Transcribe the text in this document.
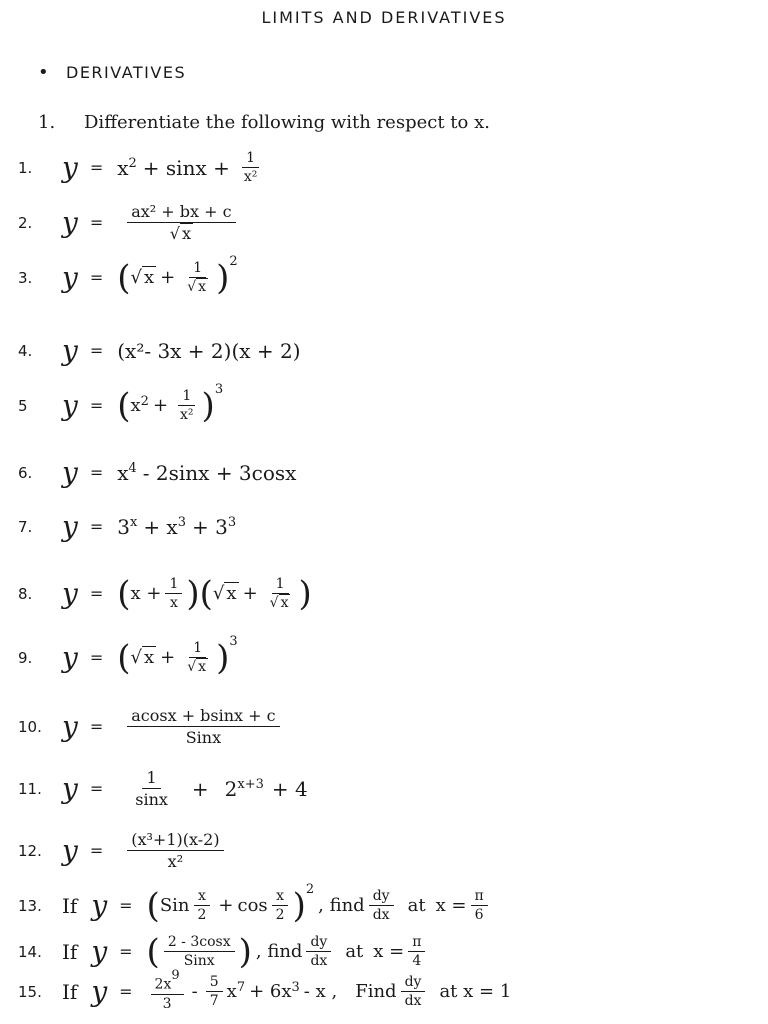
LIMITS AND DERIVATIVES
• DERIVATIVES
1. Differentiate the following with respect to x.
1.	$y = x^2 + \sin x + \frac{1}{\text{x²}}$
2.	$y = \frac{\text{ax² + bx + c}}{√ x}$
3.	y = ( √ $x + \frac{1}{√ x} )^2$
4.	y = (x²- 3x + 2)(x + 2)
5	y = ( $x^2 + \frac{1}{\text{x²}} )^3$
6.	$y = x^4 - 2\sin x + 3\cos x$
7.	$y = 3^x + x^3 + 3^3$
8.	y = ( $x + \frac{1}{x}$ ) ( √ $x + \frac{1}{√ x}$ )
9.	y = ( √ $x + \frac{1}{√ x} )^3$
10. $y = \frac{acosx + bsinx + c}{\text{Sinx}}$
11. $y = \frac{1}{\sin x} + 2^{x+3} + 4$
12. $y = \frac{\text{(x³+1)(x-2)}}{\text{x²}}$
13.	If y = ( Sin $\frac{x}{2} + \cos \frac{x}{2} )^2$
, find $\frac{dy}{dx}$ at $x = \frac{\pi}{6}$
14.	If y = ( $\frac{2 - 3\cos x}{\text{Sinx}}$ ) , find $\frac{dy}{dx}$ at $x = \frac{\pi}{4}$
15.	If $y = \frac{2x^9}{3} - \frac{5}{7} x^7 + 6x^3 - x$ , Find $\frac{dy}{dx}$ at x = 1
